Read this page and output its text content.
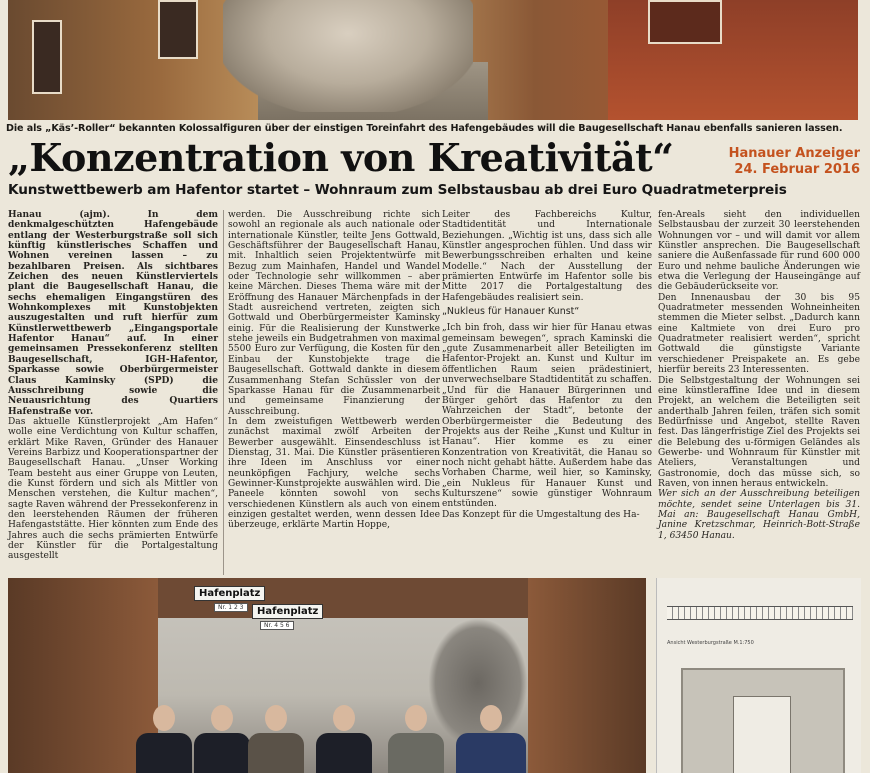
Die als „Käs’-Roller“ bekannten Kolossalfiguren über der einstigen Toreinfahrt des Hafengebäudes will die Baugesellschaft Hanau ebenfalls sanieren lassen.
„Konzentration von Kreativität“	Hanauer Anzeiger
24. Februar 2016
Kunstwettbewerb am Hafentor startet – Wohnraum zum Selbstausbau ab drei Euro Quadratmeterpreis

Hanau (ajm). In dem denkmalgeschützten Hafengebäude entlang der Westerburgstraße soll sich künftig künstlerisches Schaffen und Wohnen vereinen lassen – zu bezahlbaren Preisen. Als sichtbares Zeichen des neuen Künstlerviertels plant die Baugesellschaft Hanau, die sechs ehemaligen Eingangstüren des Wohnkomplexes mit Kunstobjekten auszugestalten und ruft hierfür zum Künstlerwettbewerb „Eingangsportale Hafentor Hanau“ auf. In einer gemeinsamen Pressekonferenz stellten Baugesellschaft, IGH-Hafentor, Sparkasse sowie Oberbürgermeister Claus Kaminsky (SPD) die Ausschreibung sowie die Neuausrichtung des Quartiers Hafenstraße vor.

Das aktuelle Künstlerprojekt „Am Hafen“ wolle eine Verdichtung von Kultur schaffen, erklärt Mike Raven, Gründer des Hanauer Vereins Barbizz und Kooperationspartner der Baugesellschaft Hanau. „Unser Working Team besteht aus einer Gruppe von Leuten, die Kunst fördern und sich als Mittler von Menschen verstehen, die Kultur machen“, sagte Raven während der Pressekonferenz in den leerstehenden Räumen der früheren Hafengaststätte. Hier könnten zum Ende des Jahres auch die sechs prämierten Entwürfe der Künstler für die Portalgestaltung ausgestellt

werden. Die Ausschreibung richte sich sowohl an regionale als auch nationale oder internationale Künstler, teilte Jens Gottwald, Geschäftsführer der Baugesellschaft Hanau, mit. Inhaltlich seien Projektentwürfe mit Bezug zum Mainhafen, Handel und Wandel oder Technologie sehr willkommen – aber keine Märchen. Dieses Thema wäre mit der Eröffnung des Hanauer Märchenpfads in der Stadt ausreichend vertreten, zeigten sich Gottwald und Oberbürgermeister Kaminsky einig. Für die Realisierung der Kunstwerke stehe jeweils ein Budgetrahmen von maximal 5500 Euro zur Verfügung, die Kosten für den Einbau der Kunstobjekte trage die Baugesellschaft. Gottwald dankte in diesem Zusammenhang Stefan Schüssler von der Sparkasse Hanau für die Zusammenarbeit und gemeinsame Finanzierung der Ausschreibung.

In dem zweistufigen Wettbewerb werden zunächst maximal zwölf Arbeiten der Bewerber ausgewählt. Einsendeschluss ist Dienstag, 31. Mai. Die Künstler präsentieren ihre Ideen im Anschluss vor einer neunköpfigen Fachjury, welche sechs Gewinner-Kunstprojekte auswählen wird. Die Paneele könnten sowohl von sechs verschiedenen Künstlern als auch von einem einzigen gestaltet werden, wenn dessen Idee überzeuge, erklärte Martin Hoppe,

Leiter des Fachbereichs Kultur, Stadtidentität und Internationale Beziehungen. „Wichtig ist uns, dass sich alle Künstler angesprochen fühlen. Und dass wir Bewerbungsschreiben erhalten und keine Modelle.“ Nach der Ausstellung der prämierten Entwürfe im Hafentor solle bis Mitte 2017 die Portalgestaltung des Hafengebäudes realisiert sein.

„Nukleus für Hanauer Kunst“

„Ich bin froh, dass wir hier für Hanau etwas gemeinsam bewegen“, sprach Kaminski die „gute Zusammenarbeit aller Beteiligten im Hafentor-Projekt an. Kunst und Kultur im öffentlichen Raum seien prädestiniert, unverwechselbare Stadtidentität zu schaffen.

„Und für die Hanauer Bürgerinnen und Bürger gehört das Hafentor zu den Wahrzeichen der Stadt“, betonte der Oberbürgermeister die Bedeutung des Projekts aus der Reihe „Kunst und Kultur in Hanau“. Hier komme es zu einer Konzentration von Kreativität, die Hanau so noch nicht gehabt hätte. Außerdem habe das Vorhaben Charme, weil hier, so Kaminsky, „ein Nukleus für Hanauer Kunst und Kulturszene“ sowie günstiger Wohnraum entstünden.

Das Konzept für die Umgestaltung des Ha-

fen-Areals sieht den individuellen Selbstausbau der zurzeit 30 leerstehenden Wohnungen vor – und will damit vor allem Künstler ansprechen. Die Baugesellschaft saniere die Außenfassade für rund 600 000 Euro und nehme bauliche Änderungen wie etwa die Verlegung der Hauseingänge auf die Gebäuderückseite vor.

Den Innenausbau der 30 bis 95 Quadratmeter messenden Wohneinheiten stemmen die Mieter selbst. „Dadurch kann eine Kaltmiete von drei Euro pro Quadratmeter realisiert werden“, spricht Gottwald die günstigste Variante verschiedener Preispakete an. Es gebe hierfür bereits 23 Interessenten.

Die Selbstgestaltung der Wohnungen sei eine künstleraffine Idee und in diesem Projekt, an welchem die Beteiligten seit anderthalb Jahren feilen, träfen sich somit Bedürfnisse und Angebot, stellte Raven fest. Das längerfristige Ziel des Projekts sei die Belebung des u-förmigen Geländes als Gewerbe- und Wohnraum für Künstler mit Ateliers, Veranstaltungen und Gastronomie, doch das müsse sich, so Raven, von innen heraus entwickeln.

Wer sich an der Ausschreibung beteiligen möchte, sendet seine Unterlagen bis 31. Mai an: Baugesellschaft Hanau GmbH, Janine Kretzschmar, Heinrich-Bott-Straße 1, 63450 Hanau.

Hafenplatz
Nr. 1 2 3	Hafenplatz
Nr. 4 5 6
Ansicht Westerburgstraße M.1:750
